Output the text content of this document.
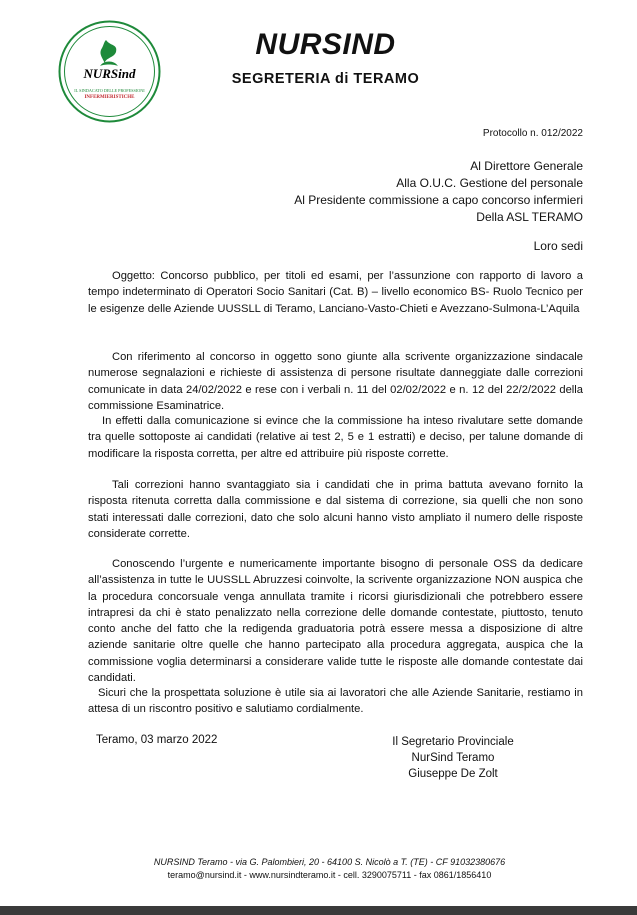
NURSind
IL SINDACATO DELLE PROFESSIONI
INFERMIERISTICHE
NURSIND
SEGRETERIA di TERAMO
Protocollo n. 012/2022
Al Direttore Generale
Alla O.U.C. Gestione del personale
Al Presidente commissione a capo concorso infermieri
Della ASL TERAMO
Loro sedi

Oggetto: Concorso pubblico, per titoli ed esami, per l’assunzione con rapporto di lavoro a tempo indeterminato di Operatori Socio Sanitari (Cat. B) – livello economico BS- Ruolo Tecnico per le esigenze delle Aziende UUSSLL di Teramo, Lanciano-Vasto-Chieti e Avezzano-Sulmona-L’Aquila

Con riferimento al concorso in oggetto sono giunte alla scrivente organizzazione sindacale numerose segnalazioni e richieste di assistenza di persone risultate danneggiate dalle correzioni comunicate in data 24/02/2022 e rese con i verbali n. 11 del 02/02/2022 e n. 12 del 22/2/2022 della commissione Esaminatrice.

In effetti dalla comunicazione si evince che la commissione ha inteso rivalutare sette domande tra quelle sottoposte ai candidati (relative ai test 2, 5 e 1 estratti) e deciso, per talune domande di modificare la risposta corretta, per altre ed attribuire più risposte corrette.

Tali correzioni hanno svantaggiato sia i candidati che in prima battuta avevano fornito la risposta ritenuta corretta dalla commissione e dal sistema di correzione, sia quelli che non sono stati interessati dalle correzioni, dato che solo alcuni hanno visto ampliato il numero delle risposte considerate corrette.

Conoscendo l’urgente e numericamente importante bisogno di personale OSS da dedicare all’assistenza in tutte le UUSSLL Abruzzesi coinvolte, la scrivente organizzazione NON auspica che la procedura concorsuale venga annullata tramite i ricorsi giurisdizionali che potrebbero essere intrapresi da chi è stato penalizzato nella correzione delle domande contestate, piuttosto, tenuto conto anche del fatto che la redigenda graduatoria potrà essere messa a disposizione di altre aziende sanitarie oltre quelle che hanno partecipato alla procedura aggregata, auspica che la commissione voglia determinarsi a considerare valide tutte le risposte alle domande contestate dai candidati.

Sicuri che la prospettata soluzione è utile sia ai lavoratori che alle Aziende Sanitarie, restiamo in attesa di un riscontro positivo e salutiamo cordialmente.

Teramo, 03 marzo 2022	Il Segretario Provinciale
NurSind Teramo
Giuseppe De Zolt
NURSIND Teramo - via G. Palombieri, 20 - 64100 S. Nicolò a T. (TE) - CF 91032380676
teramo@nursind.it - www.nursindteramo.it - cell. 3290075711 - fax 0861/1856410
